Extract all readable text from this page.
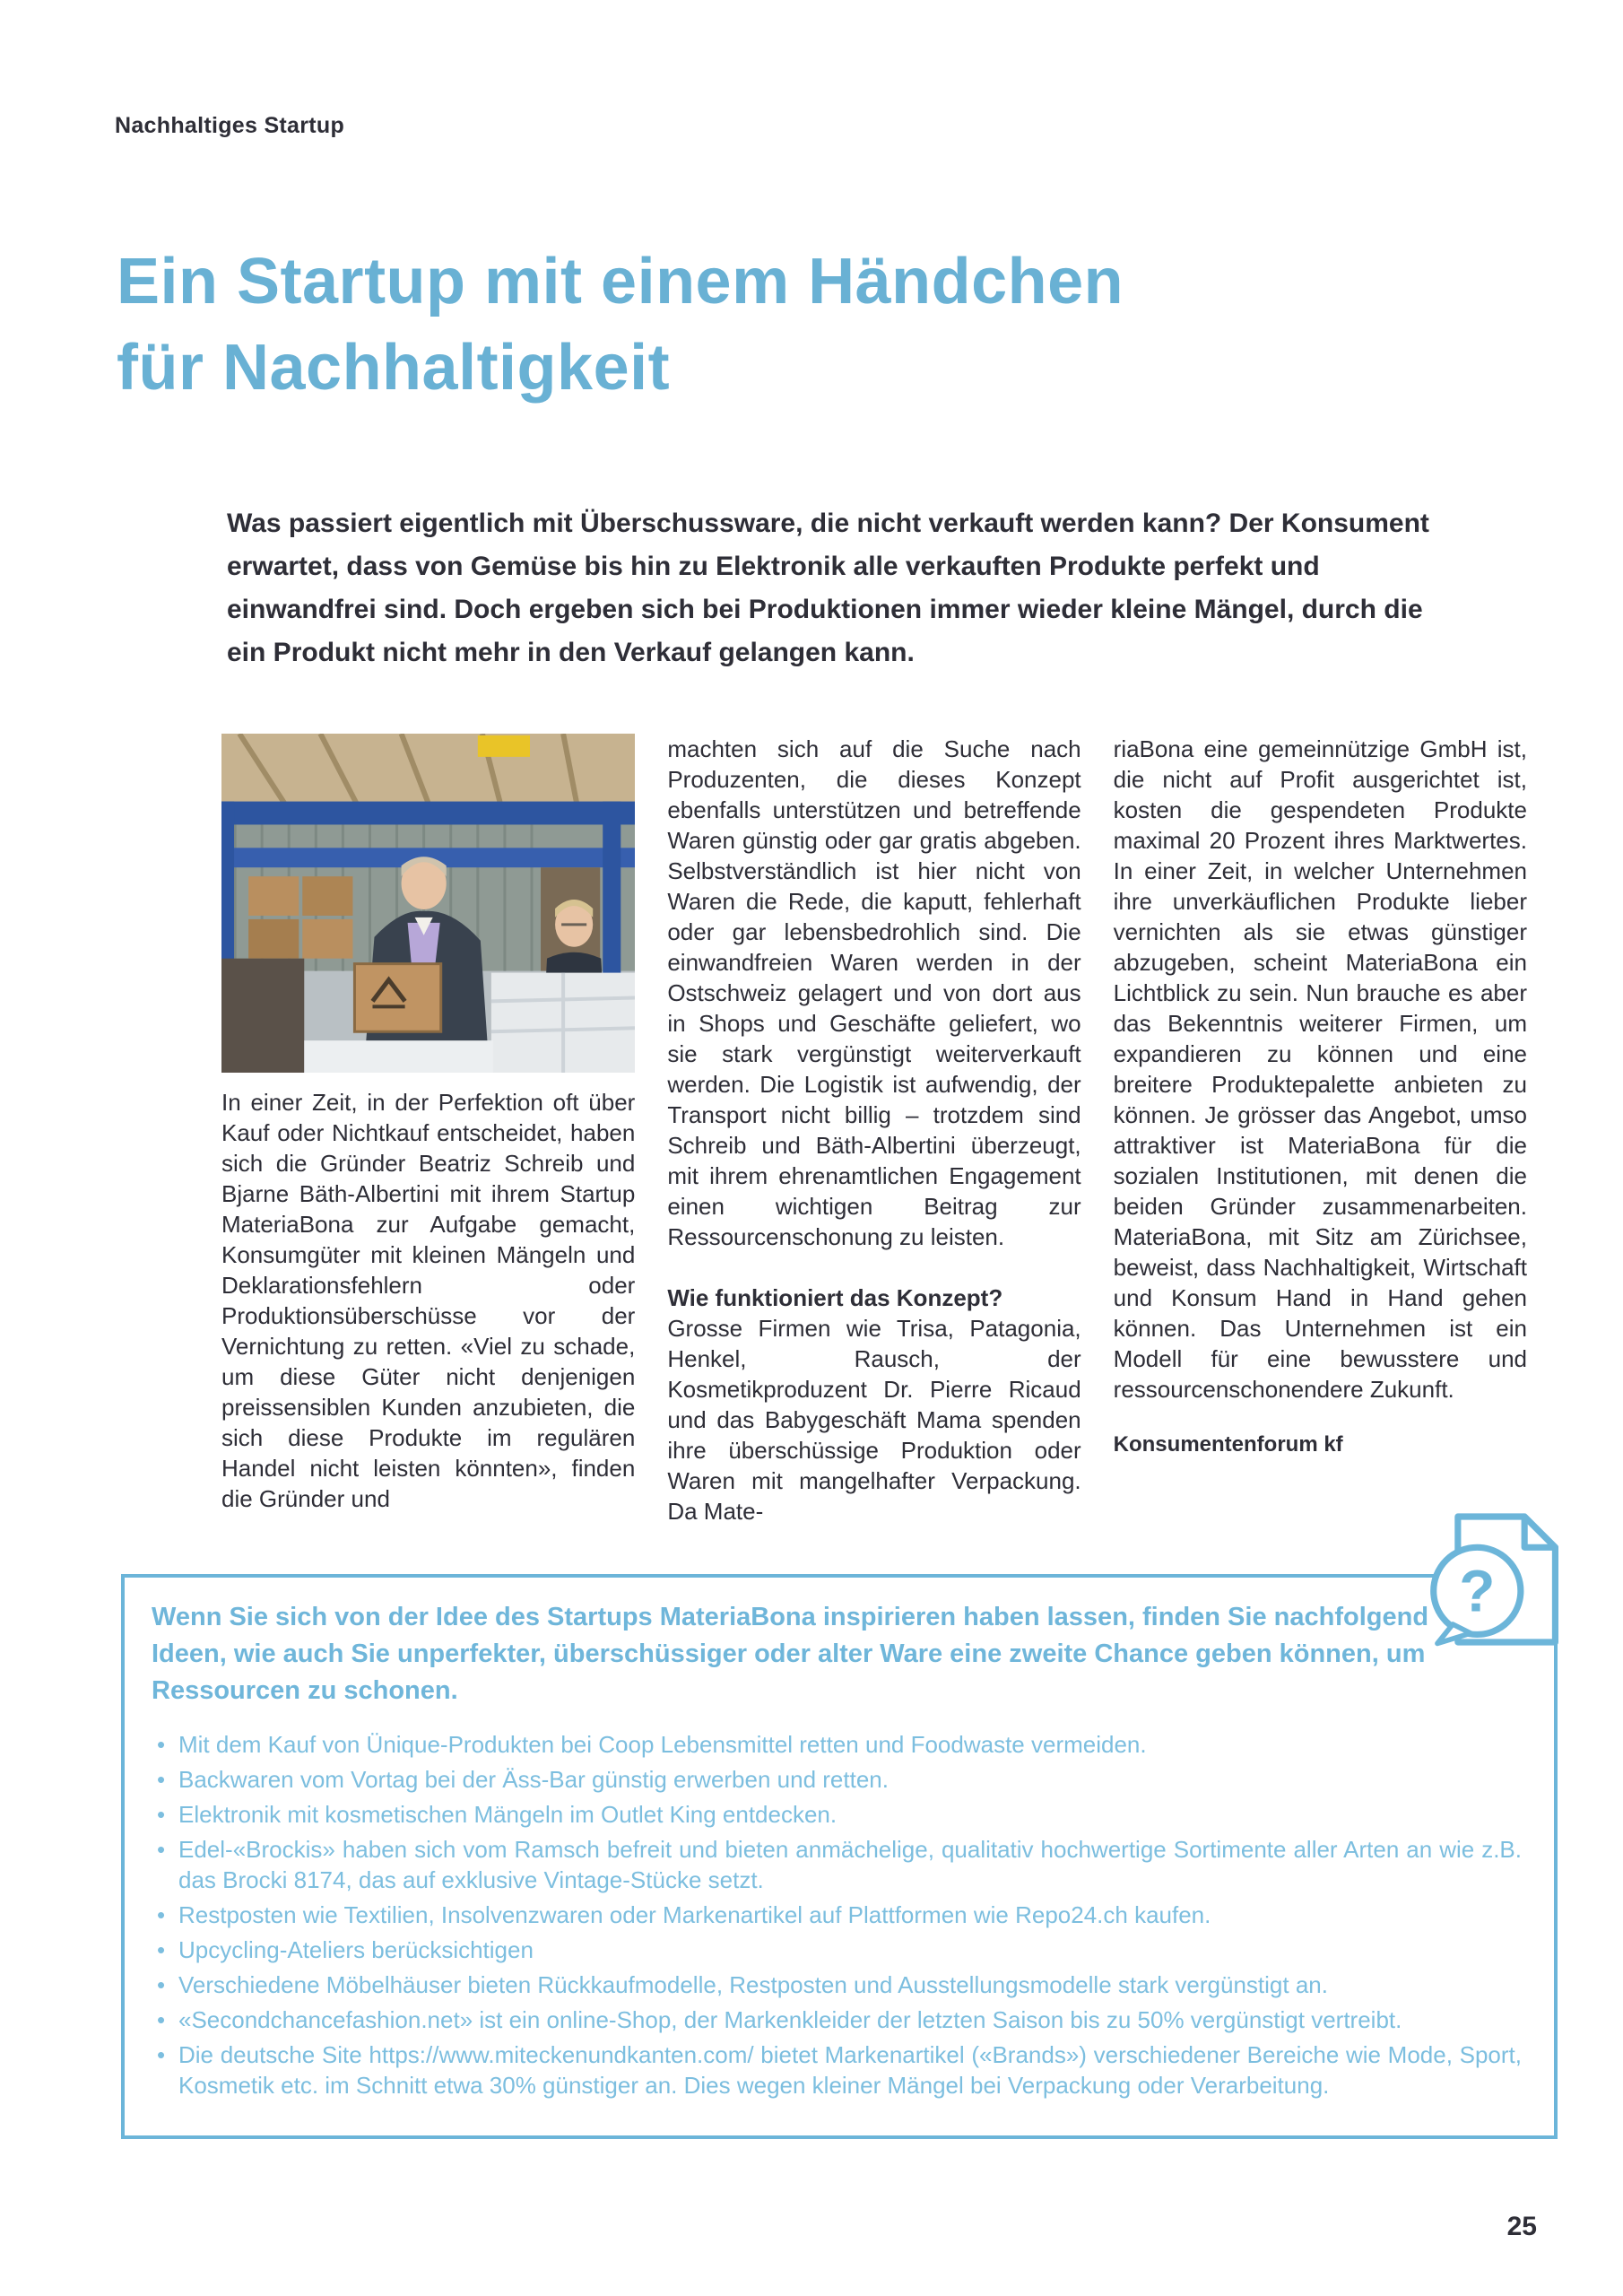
Nachhaltiges Startup
Ein Startup mit einem Händchen
für Nachhaltigkeit

Was passiert eigentlich mit Überschussware, die nicht verkauft werden kann? Der Konsument erwartet, dass von Gemüse bis hin zu Elektronik alle verkauften Produkte perfekt und einwandfrei sind. Doch ergeben sich bei Produktionen immer wieder kleine Mängel, durch die ein Produkt nicht mehr in den Verkauf gelangen kann.

In einer Zeit, in der Perfektion oft über Kauf oder Nichtkauf entscheidet, haben sich die Gründer Beatriz Schreib und Bjarne Bäth-Albertini mit ihrem Startup MateriaBona zur Aufgabe gemacht, Konsumgüter mit kleinen Mängeln und Deklarationsfehlern oder Produktionsüberschüsse vor der Vernichtung zu retten. «Viel zu schade, um diese Güter nicht denjenigen preissensiblen Kunden anzubieten, die sich diese Produkte im regulären Handel nicht leisten könnten», finden die Gründer und

machten sich auf die Suche nach Produzenten, die dieses Konzept ebenfalls unterstützen und betreffende Waren günstig oder gar gratis abgeben. Selbstverständlich ist hier nicht von Waren die Rede, die kaputt, fehlerhaft oder gar lebensbedrohlich sind. Die einwandfreien Waren werden in der Ostschweiz gelagert und von dort aus in Shops und Geschäfte geliefert, wo sie stark vergünstigt weiterverkauft werden. Die Logistik ist aufwendig, der Transport nicht billig – trotzdem sind Schreib und Bäth-Albertini überzeugt, mit ihrem ehrenamtlichen Engagement einen wichtigen Beitrag zur Ressourcenschonung zu leisten.

Wie funktioniert das Konzept?

Grosse Firmen wie Trisa, Patagonia, Henkel, Rausch, der Kosmetikproduzent Dr. Pierre Ricaud und das Babygeschäft Mama spenden ihre überschüssige Produktion oder Waren mit mangelhafter Verpackung. Da Mate-

riaBona eine gemeinnützige GmbH ist, die nicht auf Profit ausgerichtet ist, kosten die gespendeten Produkte maximal 20 Prozent ihres Marktwertes. In einer Zeit, in welcher Unternehmen ihre unverkäuflichen Produkte lieber vernichten als sie etwas günstiger abzugeben, scheint MateriaBona ein Lichtblick zu sein. Nun brauche es aber das Bekenntnis weiterer Firmen, um expandieren zu können und eine breitere Produktepalette anbieten zu können. Je grösser das Angebot, umso attraktiver ist MateriaBona für die sozialen Institutionen, mit denen die beiden Gründer zusammenarbeiten. MateriaBona, mit Sitz am Zürichsee, beweist, dass Nachhaltigkeit, Wirtschaft und Konsum Hand in Hand gehen können. Das Unternehmen ist ein Modell für eine bewusstere und ressourcenschonendere Zukunft.

Konsumentenforum kf

?

Wenn Sie sich von der Idee des Startups MateriaBona inspirieren haben lassen, finden Sie nachfolgend Ideen, wie auch Sie unperfekter, überschüssiger oder alter Ware eine zweite Chance geben können, um Ressourcen zu schonen.

• Mit dem Kauf von Ünique-Produkten bei Coop Lebensmittel retten und Foodwaste vermeiden.
• Backwaren vom Vortag bei der Äss-Bar günstig erwerben und retten.
• Elektronik mit kosmetischen Mängeln im Outlet King entdecken.
• Edel-«Brockis» haben sich vom Ramsch befreit und bieten anmächelige, qualitativ hochwertige Sortimente aller Arten an wie z.B. das Brocki 8174, das auf exklusive Vintage-Stücke setzt.
• Restposten wie Textilien, Insolvenzwaren oder Markenartikel auf Plattformen wie Repo24.ch kaufen.
• Upcycling-Ateliers berücksichtigen
• Verschiedene Möbelhäuser bieten Rückkaufmodelle, Restposten und Ausstellungsmodelle stark vergünstigt an.
• «Secondchancefashion.net» ist ein online-Shop, der Markenkleider der letzten Saison bis zu 50% vergünstigt vertreibt.
• Die deutsche Site https://www.miteckenundkanten.com/ bietet Markenartikel («Brands») verschiedener Bereiche wie Mode, Sport, Kosmetik etc. im Schnitt etwa 30% günstiger an. Dies wegen kleiner Mängel bei Verpackung oder Verarbeitung.
25
